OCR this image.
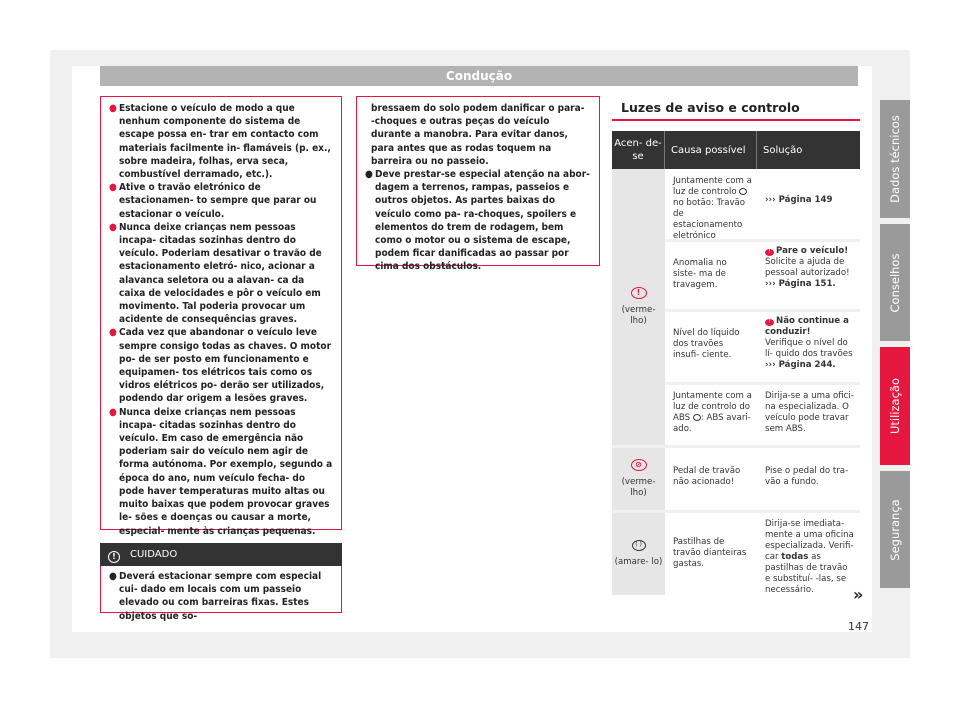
Condução
● Estacione o veículo de modo a que nenhum componente do sistema de escape possa en- trar em contacto com materiais facilmente in- flamáveis (p. ex., sobre madeira, folhas, erva seca, combustível derramado, etc.).
● Ative o travão eletrónico de estacionamen- to sempre que parar ou estacionar o veículo.
● Nunca deixe crianças nem pessoas incapa- citadas sozinhas dentro do veículo. Poderiam desativar o travão de estacionamento eletró- nico, acionar a alavanca seletora ou a alavan- ca da caixa de velocidades e pôr o veículo em movimento. Tal poderia provocar um acidente de consequências graves.
● Cada vez que abandonar o veículo leve sempre consigo todas as chaves. O motor po- de ser posto em funcionamento e equipamen- tos elétricos tais como os vidros elétricos po- derão ser utilizados, podendo dar origem a lesões graves.
● Nunca deixe crianças nem pessoas incapa- citadas sozinhas dentro do veículo. Em caso de emergência não poderiam sair do veículo nem agir de forma autónoma. Por exemplo, segundo a época do ano, num veículo fecha- do pode haver temperaturas muito altas ou muito baixas que podem provocar graves le- sões e doenças ou causar a morte, especial- mente às crianças pequenas.
! CUIDADO
● Deverá estacionar sempre com especial cui- dado em locais com um passeio elevado ou com barreiras fixas. Estes objetos que so-
bressaem do solo podem danificar o para- -choques e outras peças do veículo durante a manobra. Para evitar danos, para antes que as rodas toquem na barreira ou no passeio.
● Deve prestar-se especial atenção na abor- dagem a terrenos, rampas, passeios e outros objetos. As partes baixas do veículo como pa- ra-choques, spoilers e elementos do trem de rodagem, bem como o motor ou o sistema de escape, podem ficar danificadas ao passar por cima dos obstáculos.
Luzes de aviso e controlo
Acen- de-se
Causa possível	Solução
!
(verme- lho)
Juntamente com a luz de controlo  no botão: Travão de estacionamento eletrónico
››› Página 149
Anomalia no siste- ma de travagem.
! Pare o veículo!
Solicite a ajuda de pessoal autorizado!
››› Página 151.
Nível do líquido dos travões insufi- ciente.
! Não continue a conduzir!
Verifique o nível do lí- quido dos travões
››› Página 244.
Juntamente com a luz de controlo do ABS : ABS avari- ado.
Dirija-se a uma ofici- na especializada. O veículo pode travar sem ABS.
⊘
(verme- lho)
Pedal de travão não acionado!
Pise o pedal do tra- vão a fundo.
( )
(amare- lo)
Pastilhas de travão dianteiras gastas.
Dirija-se imediata- mente a uma oficina especializada. Verifi- car todas as pastilhas de travão e substituí- -las, se necessário.
Dados técnicos
Conselhos
Utilização
Segurança
»
147
